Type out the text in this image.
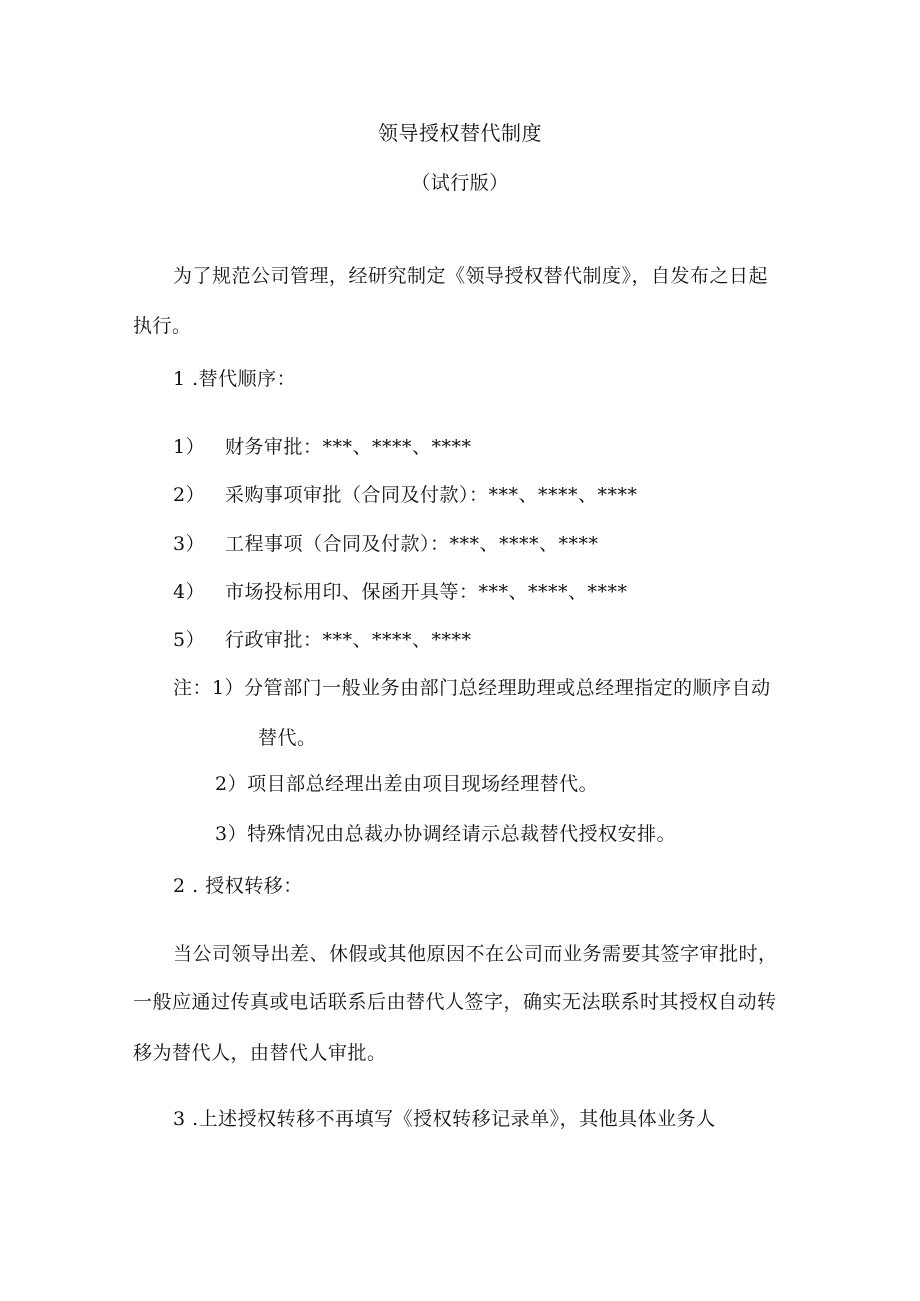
领导授权替代制度
（试行版）
为了规范公司管理，经研究制定《领导授权替代制度》，自发布之日起
执行。
1 .替代顺序：
1） 财务审批：***、****、****
2） 采购事项审批（合同及付款）：***、****、****
3） 工程事项（合同及付款）：***、****、****
4） 市场投标用印、保函开具等：***、****、****
5） 行政审批：***、****、****
注：1）分管部门一般业务由部门总经理助理或总经理指定的顺序自动
替代。
2）项目部总经理出差由项目现场经理替代。
3）特殊情况由总裁办协调经请示总裁替代授权安排。
2 . 授权转移：
当公司领导出差、休假或其他原因不在公司而业务需要其签字审批时，
一般应通过传真或电话联系后由替代人签字，确实无法联系时其授权自动转
移为替代人，由替代人审批。
3 .上述授权转移不再填写《授权转移记录单》，其他具体业务人
